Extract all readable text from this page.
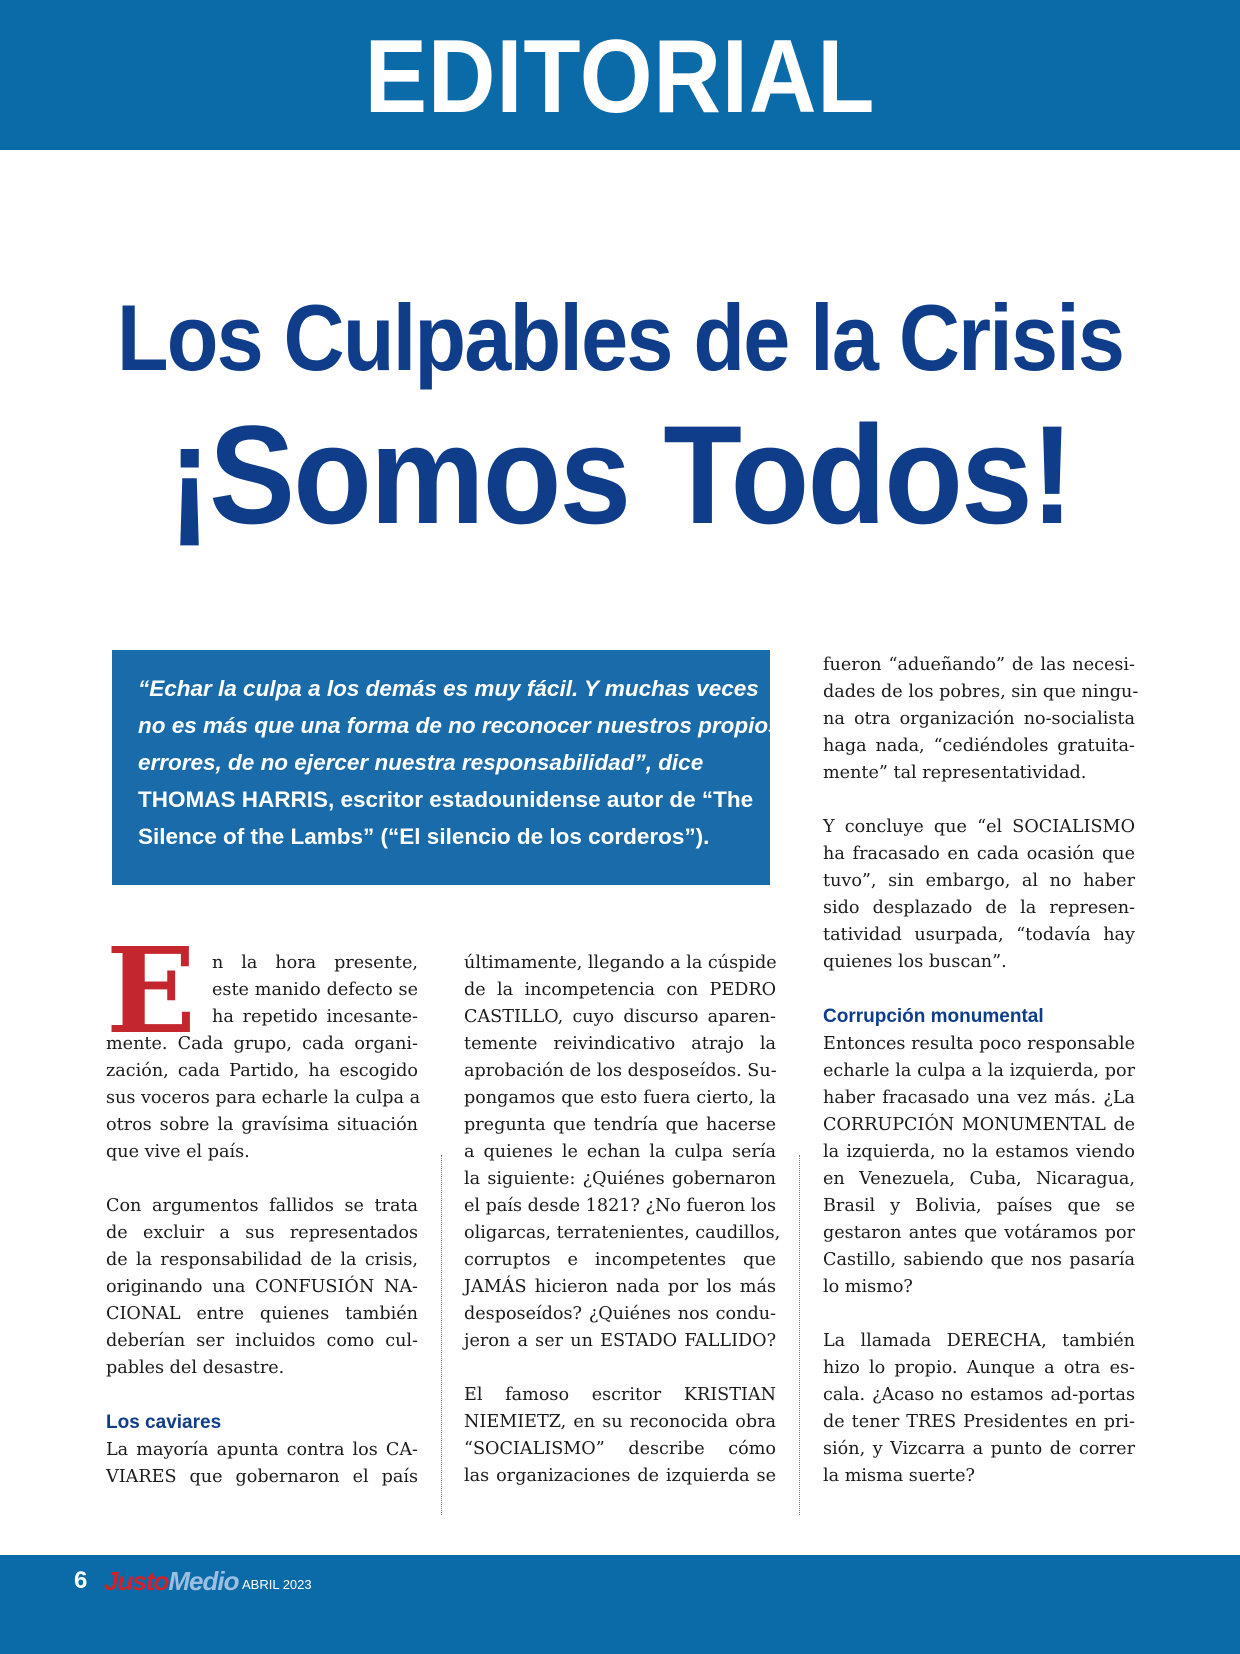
EDITORIAL
Los Culpables de la Crisis
¡Somos Todos!
“Echar la culpa a los demás es muy fácil. Y muchas veces
no es más que una forma de no reconocer nuestros propios
errores, de no ejercer nuestra responsabilidad”, dice
THOMAS HARRIS, escritor estadounidense autor de “The
Silence of the Lambs” (“El silencio de los corderos”).
E n la hora presente,
este manido defecto se
ha repetido incesante-
mente. Cada grupo, cada organi-
zación, cada Partido, ha escogido
sus voceros para echarle la culpa a
otros sobre la gravísima situación
que vive el país.

Con argumentos fallidos se trata
de excluir a sus representados
de la responsabilidad de la crisis,
originando una CONFUSIÓN NA-
CIONAL entre quienes también
deberían ser incluidos como cul-
pables del desastre.

Los caviares

La mayoría apunta contra los CA-
VIARES que gobernaron el país

últimamente, llegando a la cúspide
de la incompetencia con PEDRO
CASTILLO, cuyo discurso aparen-
temente reivindicativo atrajo la
aprobación de los desposeídos. Su-
pongamos que esto fuera cierto, la
pregunta que tendría que hacerse
a quienes le echan la culpa sería
la siguiente: ¿Quiénes gobernaron
el país desde 1821? ¿No fueron los
oligarcas, terratenientes, caudillos,
corruptos e incompetentes que
JAMÁS hicieron nada por los más
desposeídos? ¿Quiénes nos condu-
jeron a ser un ESTADO FALLIDO?

El famoso escritor KRISTIAN
NIEMIETZ, en su reconocida obra
“SOCIALISMO” describe cómo
las organizaciones de izquierda se

fueron “adueñando” de las necesi-
dades de los pobres, sin que ningu-
na otra organización no-socialista
haga nada, “cediéndoles gratuita-
mente” tal representatividad.

Y concluye que “el SOCIALISMO
ha fracasado en cada ocasión que
tuvo”, sin embargo, al no haber
sido desplazado de la represen-
tatividad usurpada, “todavía hay
quienes los buscan”.

Corrupción monumental

Entonces resulta poco responsable
echarle la culpa a la izquierda, por
haber fracasado una vez más. ¿La
CORRUPCIÓN MONUMENTAL de
la izquierda, no la estamos viendo
en Venezuela, Cuba, Nicaragua,
Brasil y Bolivia, países que se
gestaron antes que votáramos por
Castillo, sabiendo que nos pasaría
lo mismo?

La llamada DERECHA, también
hizo lo propio. Aunque a otra es-
cala. ¿Acaso no estamos ad-portas
de tener TRES Presidentes en pri-
sión, y Vizcarra a punto de correr
la misma suerte?

6 JustoMedio ABRIL 2023
